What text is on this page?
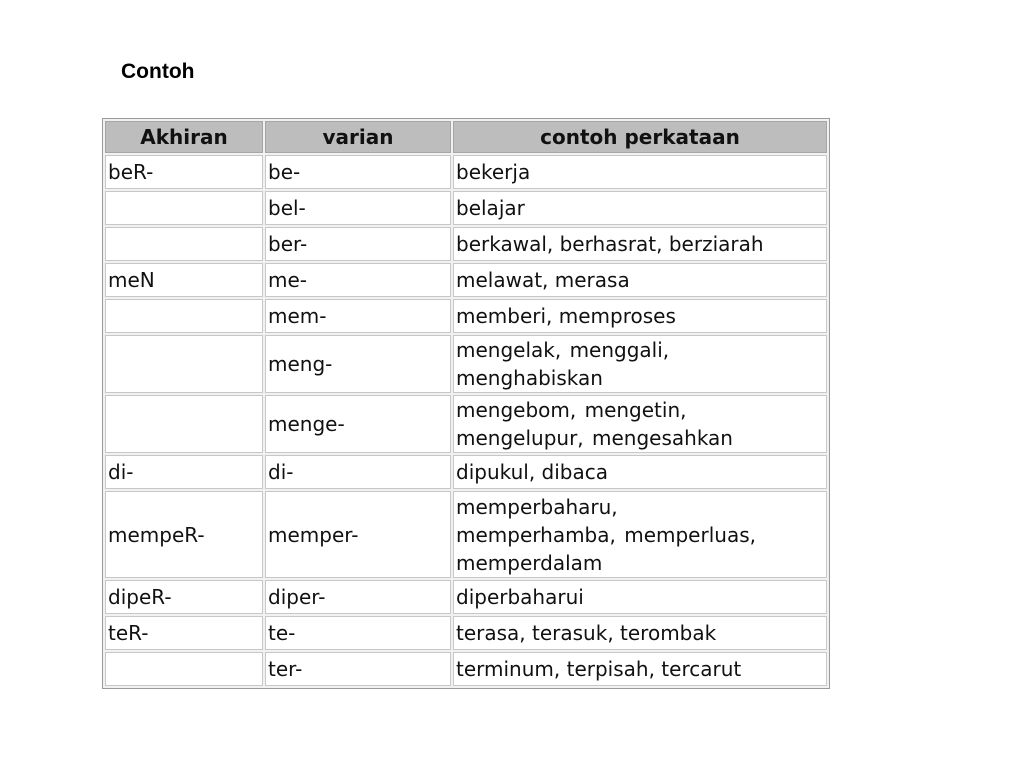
Contoh
Akhiran	varian	contoh perkataan
beR-	be-	bekerja

	bel-	belajar

	ber-	berkawal, berhasrat, berziarah

meN	me-	melawat, merasa

	mem-	memberi, memproses

	meng-	mengelak, menggali,
menghabiskan

	menge-	mengebom, mengetin,
mengelupur, mengesahkan

di-	di-	dipukul, dibaca

mempeR-	memper-	memperbaharu,
memperhamba, memperluas,
memperdalam

dipeR-	diper-	diperbaharui

teR-	te-	terasa, terasuk, terombak

	ter-	terminum, terpisah, tercarut
